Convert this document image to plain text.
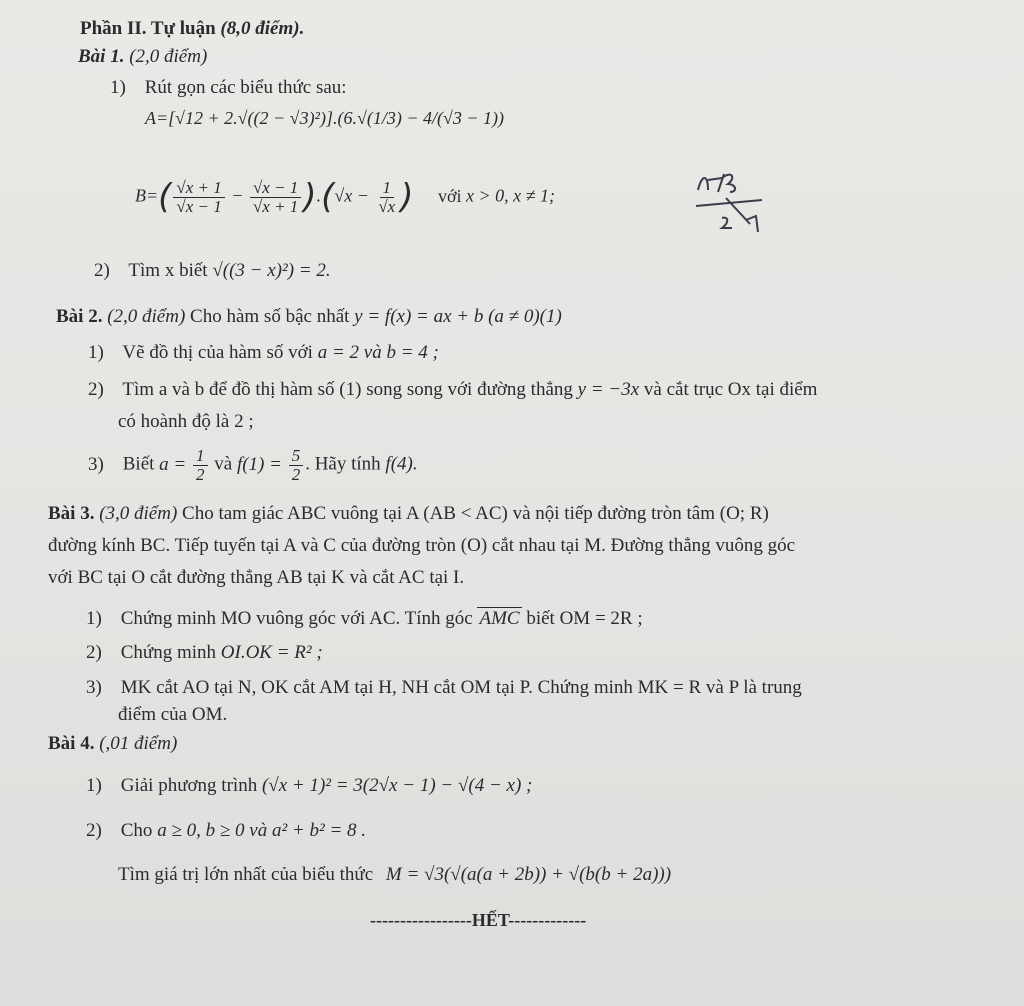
Phần II. Tự luận (8,0 điểm).
Bài 1. (2,0 điểm)
1) Rút gọn các biểu thức sau:
A=[√12 + 2.√((2 − √3)²)].(6.√(1/3) − 4/(√3 − 1))
$B=( \frac{√x + 1}{√x - 1} - \frac{√x - 1}{√x + 1} ).(√x - \frac{1}{√x}$ ) với x > 0, x ≠ 1;
2) Tìm x biết √((3 − x)²) = 2.
Bài 2. (2,0 điểm) Cho hàm số bậc nhất y = f(x) = ax + b (a ≠ 0)(1)
1) Vẽ đồ thị của hàm số với a = 2 và b = 4 ;
2) Tìm a và b để đồ thị hàm số (1) song song với đường thẳng y = −3x và cắt trục Ox tại điểm
có hoành độ là 2 ;
3) Biết $a = \frac{1}{2}$ và $f(1) = \frac{5}{2}$ . Hãy tính f(4).
Bài 3. (3,0 điểm) Cho tam giác ABC vuông tại A (AB < AC) và nội tiếp đường tròn tâm (O; R)
đường kính BC. Tiếp tuyến tại A và C của đường tròn (O) cắt nhau tại M. Đường thẳng vuông góc
với BC tại O cắt đường thẳng AB tại K và cắt AC tại I.
1) Chứng minh MO vuông góc với AC. Tính góc AMC biết OM = 2R ;
2) Chứng minh OI.OK = R² ;
3) MK cắt AO tại N, OK cắt AM tại H, NH cắt OM tại P. Chứng minh MK = R và P là trung
điểm của OM.
Bài 4. (,01 điểm)
1) Giải phương trình (√x + 1)² = 3(2√x − 1) − √(4 − x) ;
2) Cho a ≥ 0, b ≥ 0 và a² + b² = 8 .
Tìm giá trị lớn nhất của biểu thức M = √3(√(a(a + 2b)) + √(b(b + 2a)))
-----------------HẾT-------------
